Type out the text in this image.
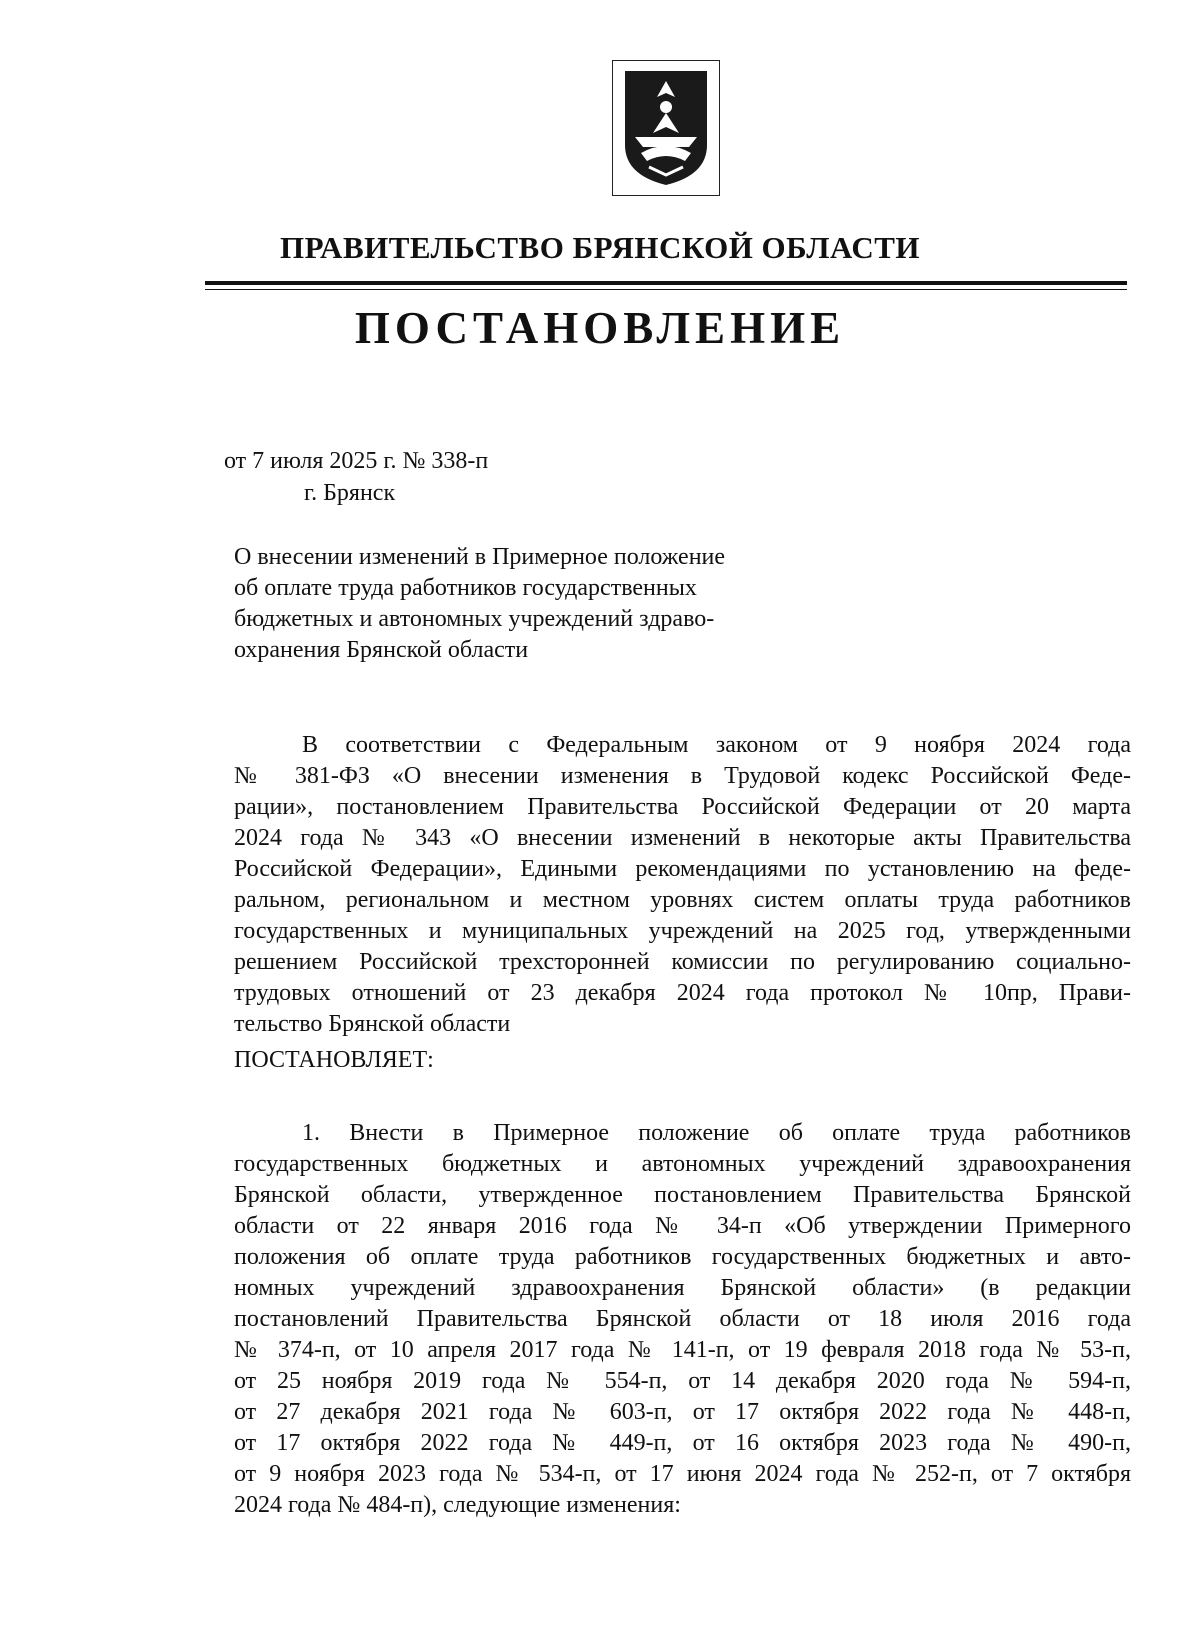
ПРАВИТЕЛЬСТВО БРЯНСКОЙ ОБЛАСТИ
ПОСТАНОВЛЕНИЕ
от 7 июля 2025 г. № 338-п
г. Брянск
О внесении изменений в Примерное положение
об оплате труда работников государственных
бюджетных и автономных учреждений здраво-
охранения Брянской области
В соответствии с Федеральным законом от 9 ноября 2024 года
№ 381-ФЗ «О внесении изменения в Трудовой кодекс Российской Феде-
рации», постановлением Правительства Российской Федерации от 20 марта
2024 года № 343 «О внесении изменений в некоторые акты Правительства
Российской Федерации», Едиными рекомендациями по установлению на феде-
ральном, региональном и местном уровнях систем оплаты труда работников
государственных и муниципальных учреждений на 2025 год, утвержденными
решением Российской трехсторонней комиссии по регулированию социально-
трудовых отношений от 23 декабря 2024 года протокол № 10пр, Прави-
тельство Брянской области
ПОСТАНОВЛЯЕТ:
1. Внести в Примерное положение об оплате труда работников
государственных бюджетных и автономных учреждений здравоохранения
Брянской области, утвержденное постановлением Правительства Брянской
области от 22 января 2016 года № 34-п «Об утверждении Примерного
положения об оплате труда работников государственных бюджетных и авто-
номных учреждений здравоохранения Брянской области» (в редакции
постановлений Правительства Брянской области от 18 июля 2016 года
№ 374-п, от 10 апреля 2017 года № 141-п, от 19 февраля 2018 года № 53-п,
от 25 ноября 2019 года № 554-п, от 14 декабря 2020 года № 594-п,
от 27 декабря 2021 года № 603-п, от 17 октября 2022 года № 448-п,
от 17 октября 2022 года № 449-п, от 16 октября 2023 года № 490-п,
от 9 ноября 2023 года № 534-п, от 17 июня 2024 года № 252-п, от 7 октября
2024 года № 484-п), следующие изменения:
